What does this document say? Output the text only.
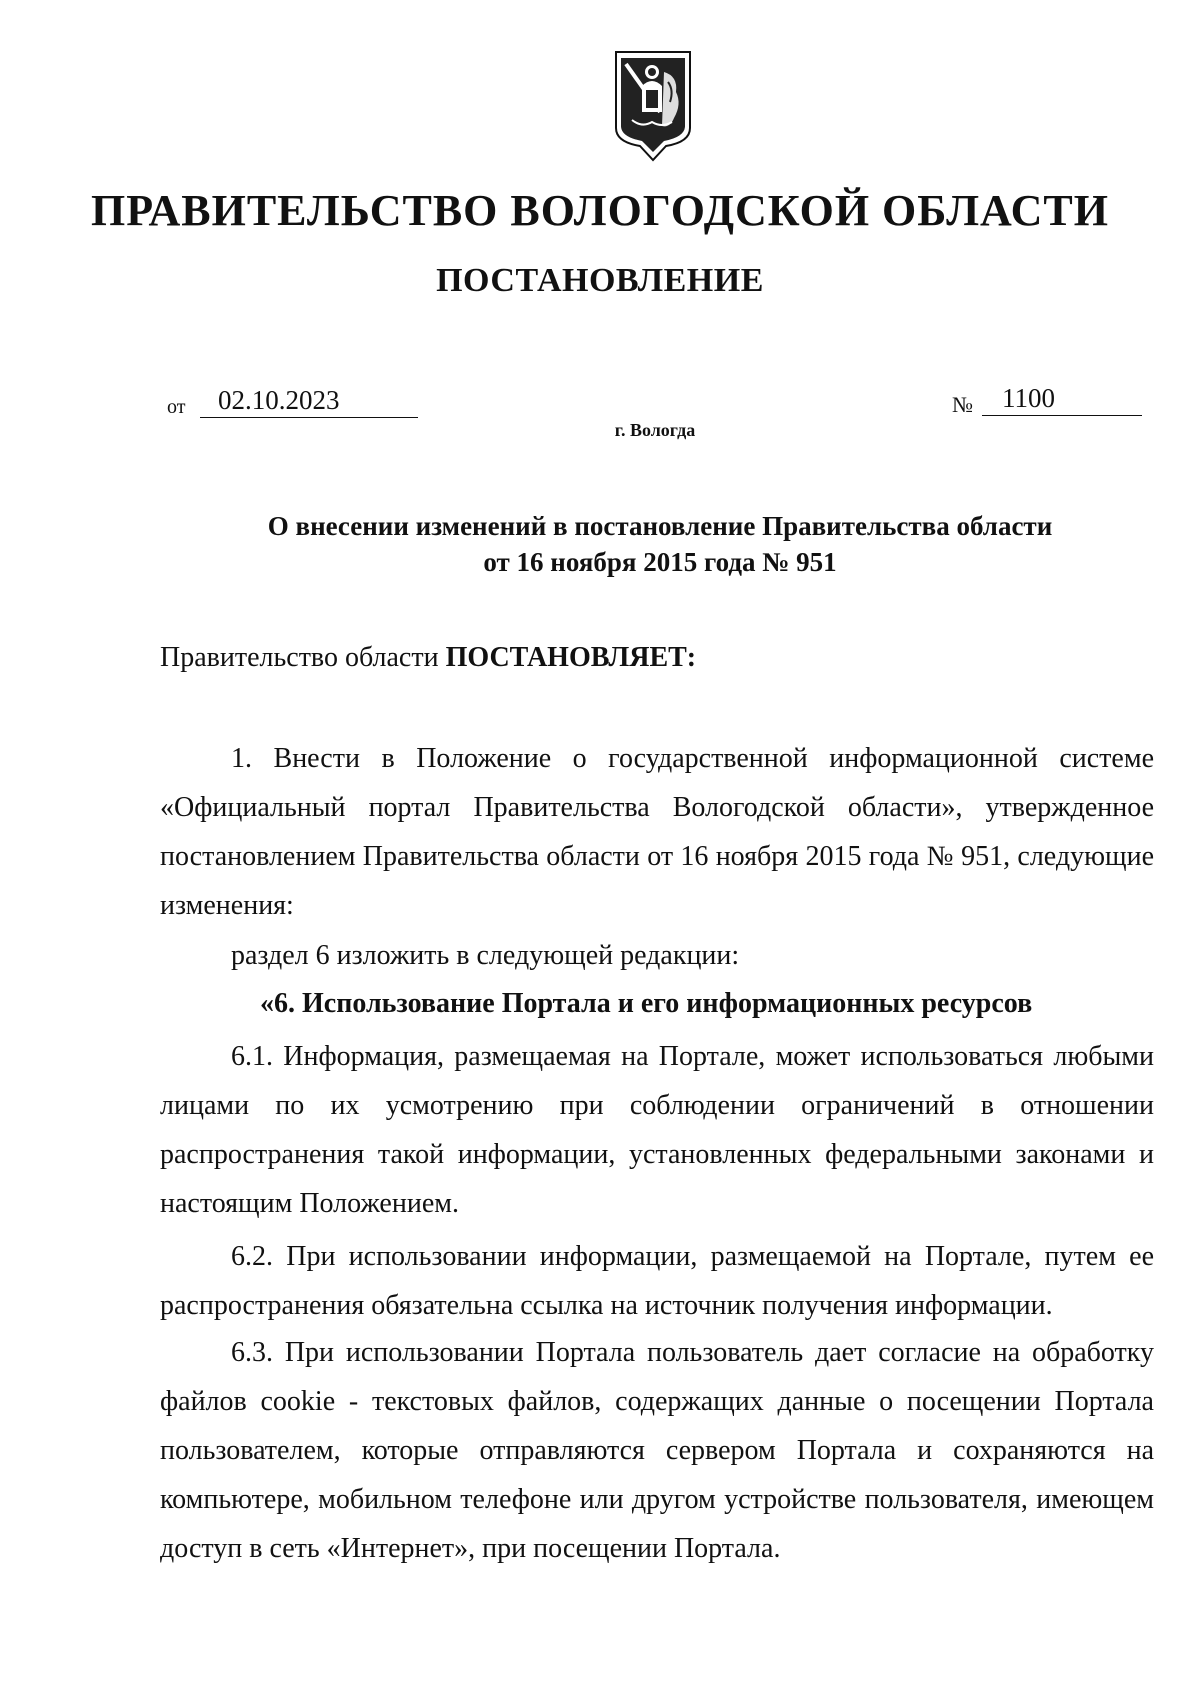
ПРАВИТЕЛЬСТВО ВОЛОГОДСКОЙ ОБЛАСТИ
ПОСТАНОВЛЕНИЕ
от	02.10.2023	№	1100
г. Вологда
О внесении изменений в постановление Правительства области
от 16 ноября 2015 года № 951
Правительство области ПОСТАНОВЛЯЕТ:
1. Внести в Положение о государственной информационной системе «Официальный портал Правительства Вологодской области», утвержденное постановлением Правительства области от 16 ноября 2015 года № 951, следующие изменения:
раздел 6 изложить в следующей редакции:
«6. Использование Портала и его информационных ресурсов
6.1. Информация, размещаемая на Портале, может использоваться любыми лицами по их усмотрению при соблюдении ограничений в отношении распространения такой информации, установленных федеральными законами и настоящим Положением.
6.2. При использовании информации, размещаемой на Портале, путем ее распространения обязательна ссылка на источник получения информации.
6.3. При использовании Портала пользователь дает согласие на обработку файлов cookie - текстовых файлов, содержащих данные о посещении Портала пользователем, которые отправляются сервером Портала и сохраняются на компьютере, мобильном телефоне или другом устройстве пользователя, имеющем доступ в сеть «Интернет», при посещении Портала.
